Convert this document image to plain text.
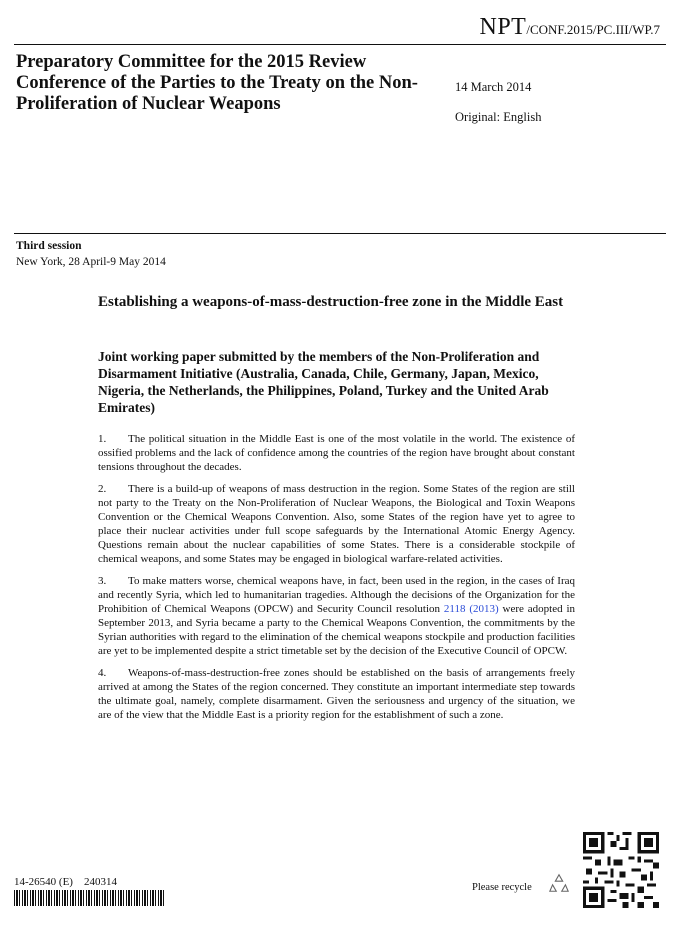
NPT/CONF.2015/PC.III/WP.7
Preparatory Committee for the 2015 Review Conference of the Parties to the Treaty on the Non-Proliferation of Nuclear Weapons
14 March 2014
Original: English
Third session
New York, 28 April-9 May 2014
Establishing a weapons-of-mass-destruction-free zone in the Middle East
Joint working paper submitted by the members of the Non-Proliferation and Disarmament Initiative (Australia, Canada, Chile, Germany, Japan, Mexico, Nigeria, the Netherlands, the Philippines, Poland, Turkey and the United Arab Emirates)

1. The political situation in the Middle East is one of the most volatile in the world. The existence of ossified problems and the lack of confidence among the countries of the region have brought about constant tensions throughout the decades.

2. There is a build-up of weapons of mass destruction in the region. Some States of the region are still not party to the Treaty on the Non-Proliferation of Nuclear Weapons, the Biological and Toxin Weapons Convention or the Chemical Weapons Convention. Also, some States of the region have yet to agree to place their nuclear activities under full scope safeguards by the International Atomic Energy Agency. Questions remain about the nuclear capabilities of some States. There is a considerable stockpile of chemical weapons, and some States may be engaged in biological warfare-related activities.

3. To make matters worse, chemical weapons have, in fact, been used in the region, in the cases of Iraq and recently Syria, which led to humanitarian tragedies. Although the decisions of the Organization for the Prohibition of Chemical Weapons (OPCW) and Security Council resolution 2118 (2013) were adopted in September 2013, and Syria became a party to the Chemical Weapons Convention, the commitments by the Syrian authorities with regard to the elimination of the chemical weapons stockpile and production facilities are yet to be implemented despite a strict timetable set by the decision of the Executive Council of OPCW.

4. Weapons-of-mass-destruction-free zones should be established on the basis of arrangements freely arrived at among the States of the region concerned. They constitute an important intermediate step towards the ultimate goal, namely, complete disarmament. Given the seriousness and urgency of the situation, we are of the view that the Middle East is a priority region for the establishment of such a zone.

14-26540 (E)    240314	Please recycle
